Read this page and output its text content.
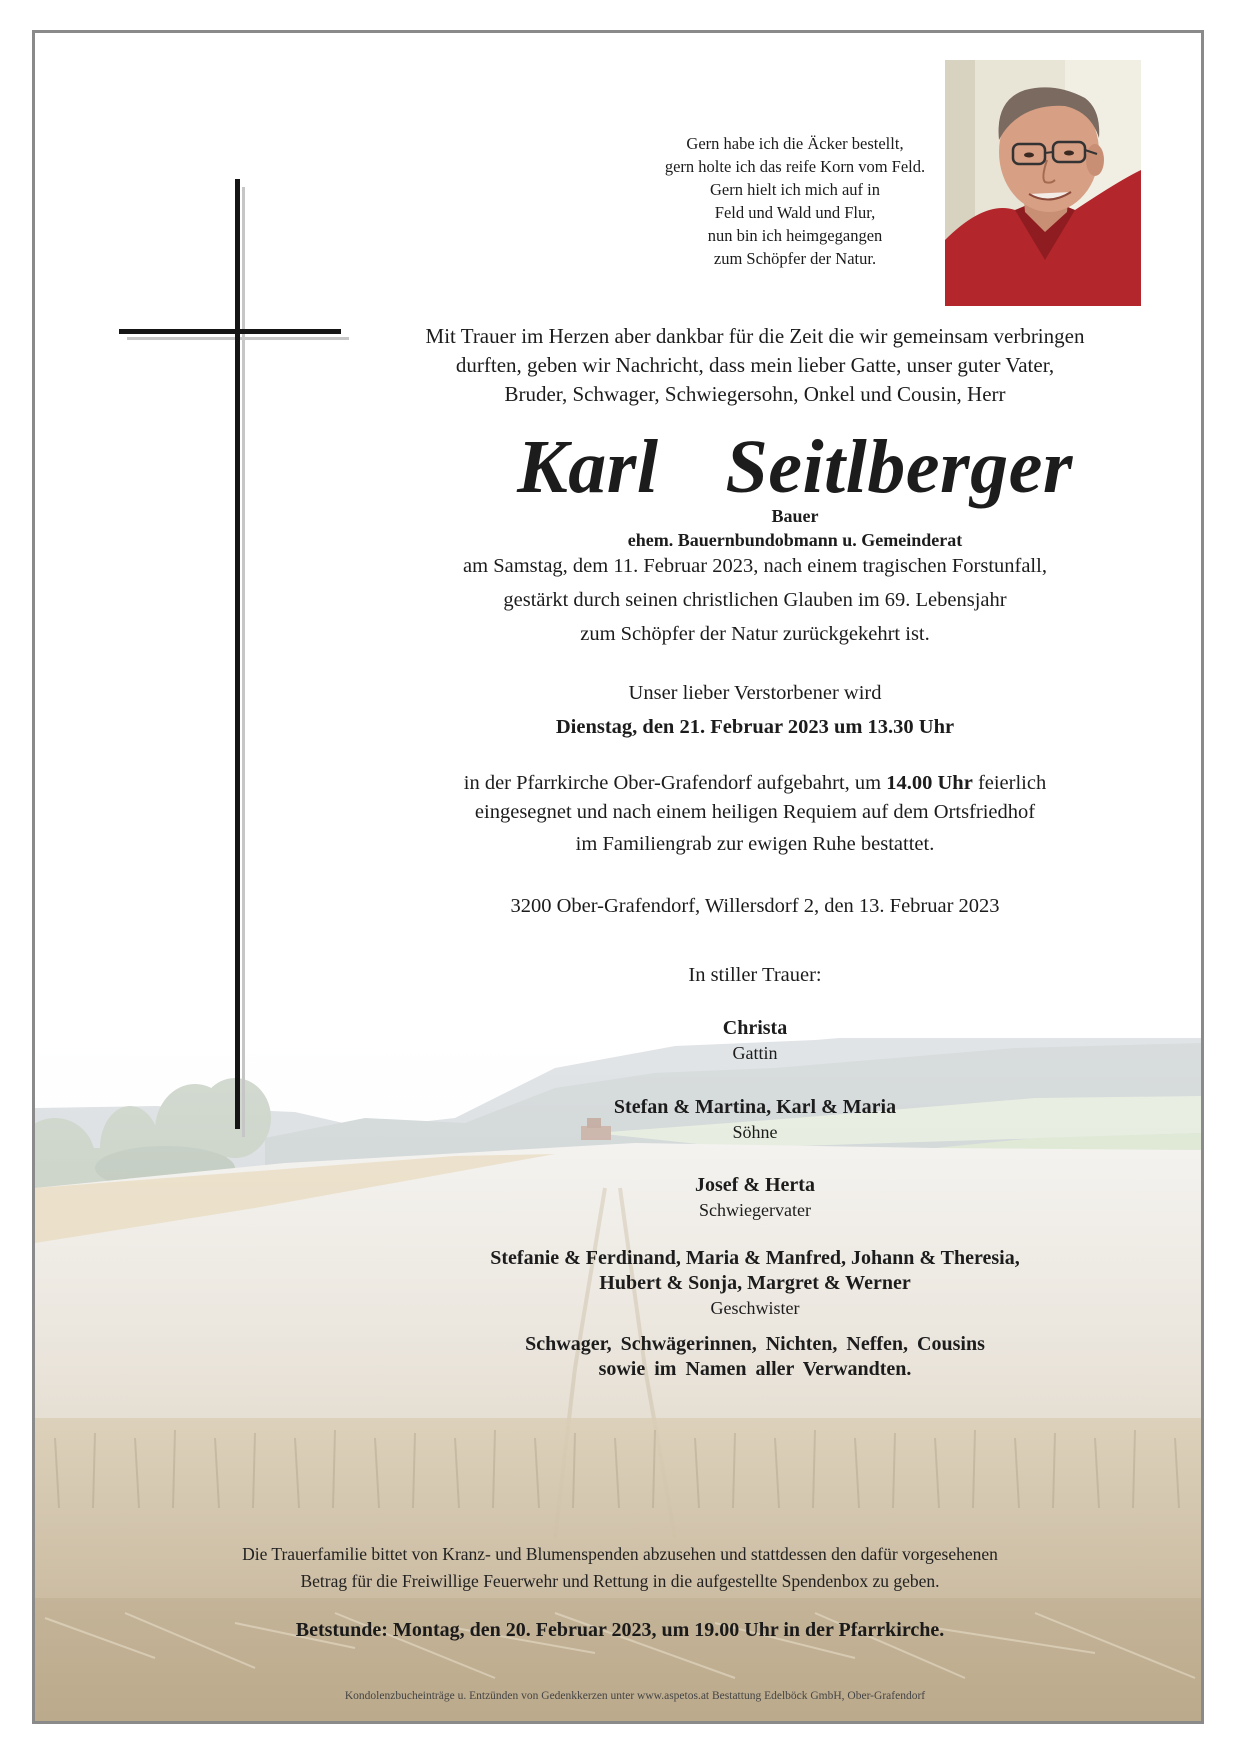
Gern habe ich die Äcker bestellt,
gern holte ich das reife Korn vom Feld.
Gern hielt ich mich auf in
Feld und Wald und Flur,
nun bin ich heimgegangen
zum Schöpfer der Natur.
Mit Trauer im Herzen aber dankbar für die Zeit die wir gemeinsam verbringen
durften, geben wir Nachricht, dass mein lieber Gatte, unser guter Vater,
Bruder, Schwager, Schwiegersohn, Onkel und Cousin, Herr
Karl  Seitlberger
Bauer
ehem. Bauernbundobmann u. Gemeinderat
am Samstag, dem 11. Februar 2023, nach einem tragischen Forstunfall,
gestärkt durch seinen christlichen Glauben im 69. Lebensjahr
zum Schöpfer der Natur zurückgekehrt ist.
Unser lieber Verstorbener wird
Dienstag, den 21. Februar 2023 um 13.30 Uhr
in der Pfarrkirche Ober-Grafendorf aufgebahrt, um 14.00 Uhr feierlich
eingesegnet und nach einem heiligen Requiem auf dem Ortsfriedhof
im Familiengrab zur ewigen Ruhe bestattet.
3200 Ober-Grafendorf, Willersdorf 2, den 13. Februar 2023
In stiller Trauer:
Christa
Gattin
Stefan & Martina, Karl & Maria
Söhne
Josef & Herta
Schwiegervater
Stefanie & Ferdinand, Maria & Manfred, Johann & Theresia,
Hubert & Sonja, Margret & Werner
Geschwister
Schwager, Schwägerinnen, Nichten, Neffen, Cousins
sowie im Namen aller Verwandten.
Die Trauerfamilie bittet von Kranz- und Blumenspenden abzusehen und stattdessen den dafür vorgesehenen
Betrag für die Freiwillige Feuerwehr und Rettung in die aufgestellte Spendenbox zu geben.
Betstunde: Montag, den 20. Februar 2023, um 19.00 Uhr in der Pfarrkirche.
Kondolenzbucheinträge u. Entzünden von Gedenkkerzen unter www.aspetos.at Bestattung Edelböck GmbH, Ober-Grafendorf
